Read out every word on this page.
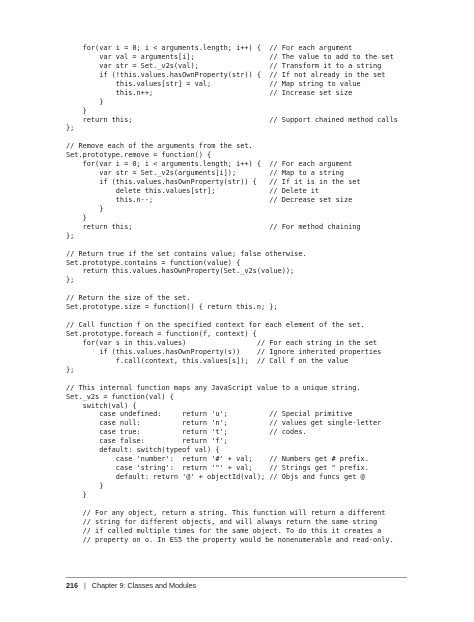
for(var i = 0; i < arguments.length; i++) {  // For each argument
var val = arguments[i];                  // The value to add to the set
var str = Set._v2s(val);                 // Transform it to a string
if (!this.values.hasOwnProperty(str)) {  // If not already in the set
this.values[str] = val;              // Map string to value
this.n++;                            // Increase set size
}
}
return this;                                 // Support chained method calls
};
// Remove each of the arguments from the set.
Set.prototype.remove = function() {
for(var i = 0; i < arguments.length; i++) {  // For each argument
var str = Set._v2s(arguments[i]);        // Map to a string
if (this.values.hasOwnProperty(str)) {   // If it is in the set
delete this.values[str];             // Delete it
this.n--;                            // Decrease set size
}
}
return this;                                 // For method chaining
};
// Return true if the set contains value; false otherwise.
Set.prototype.contains = function(value) {
return this.values.hasOwnProperty(Set._v2s(value));
};
// Return the size of the set.
Set.prototype.size = function() { return this.n; };
// Call function f on the specified context for each element of the set.
Set.prototype.foreach = function(f, context) {
for(var s in this.values)                 // For each string in the set
if (this.values.hasOwnProperty(s))    // Ignore inherited properties
f.call(context, this.values[s]);  // Call f on the value
};
// This internal function maps any JavaScript value to a unique string.
Set._v2s = function(val) {
switch(val) {
case undefined:     return 'u';          // Special primitive
case null:          return 'n';          // values get single-letter
case true:          return 't';          // codes.
case false:         return 'f';
default: switch(typeof val) {
case 'number':  return '#' + val;    // Numbers get # prefix.
case 'string':  return '"' + val;    // Strings get " prefix.
default: return '@' + objectId(val); // Objs and funcs get @
}
}
// For any object, return a string. This function will return a different
// string for different objects, and will always return the same string
// if called multiple times for the same object. To do this it creates a
// property on o. In ES5 the property would be nonenumerable and read-only.
216 | Chapter 9: Classes and Modules
